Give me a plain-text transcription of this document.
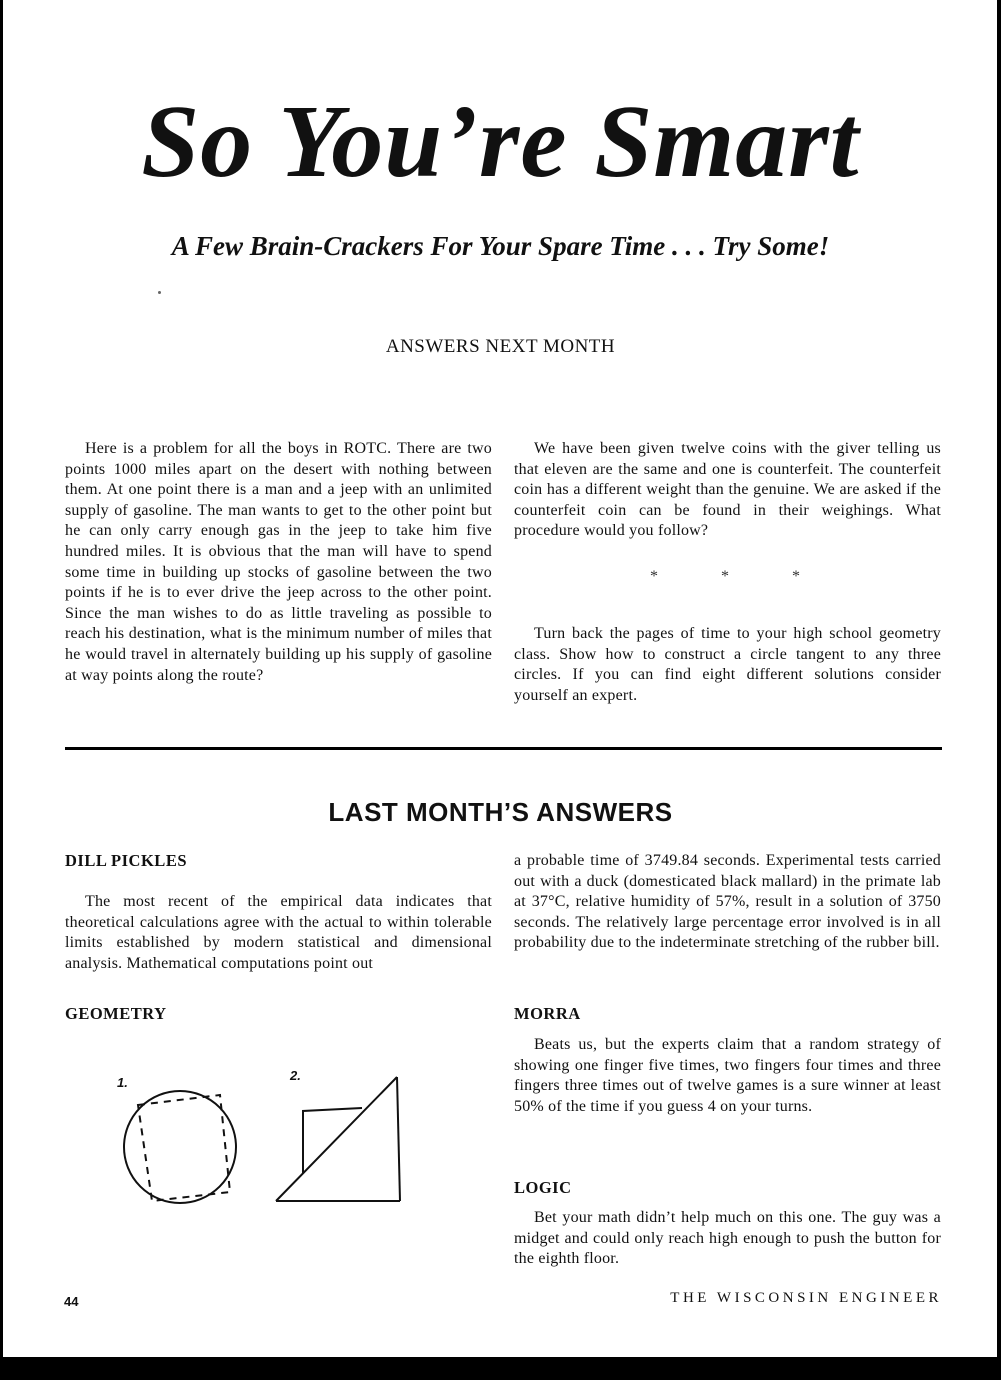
So You’re Smart
A Few Brain-Crackers For Your Spare Time . . . Try Some!
ANSWERS NEXT MONTH

Here is a problem for all the boys in ROTC. There are two points 1000 miles apart on the desert with nothing between them. At one point there is a man and a jeep with an unlimited supply of gasoline. The man wants to get to the other point but he can only carry enough gas in the jeep to take him five hundred miles. It is obvious that the man will have to spend some time in building up stocks of gasoline between the two points if he is to ever drive the jeep across to the other point. Since the man wishes to do as little traveling as possible to reach his destination, what is the minimum number of miles that he would travel in alternately building up his supply of gasoline at way points along the route?

We have been given twelve coins with the giver telling us that eleven are the same and one is counterfeit. The counterfeit coin has a different weight than the genuine. We are asked if the counterfeit coin can be found in their weighings. What procedure would you follow?

*	*	*

Turn back the pages of time to your high school geometry class. Show how to construct a circle tangent to any three circles. If you can find eight different solutions consider yourself an expert.

LAST MONTH’S ANSWERS
DILL PICKLES

The most recent of the empirical data indicates that theoretical calculations agree with the actual to within tolerable limits established by modern statistical and dimensional analysis. Mathematical computations point out

a probable time of 3749.84 seconds. Experimental tests carried out with a duck (domesticated black mallard) in the primate lab at 37°C, relative humidity of 57%, result in a solution of 3750 seconds. The relatively large percentage error involved is in all probability due to the indeterminate stretching of the rubber bill.

GEOMETRY
1.	2.
MORRA

Beats us, but the experts claim that a random strategy of showing one finger five times, two fingers four times and three fingers three times out of twelve games is a sure winner at least 50% of the time if you guess 4 on your turns.

LOGIC

Bet your math didn’t help much on this one. The guy was a midget and could only reach high enough to push the button for the eighth floor.

44	THE WISCONSIN ENGINEER
